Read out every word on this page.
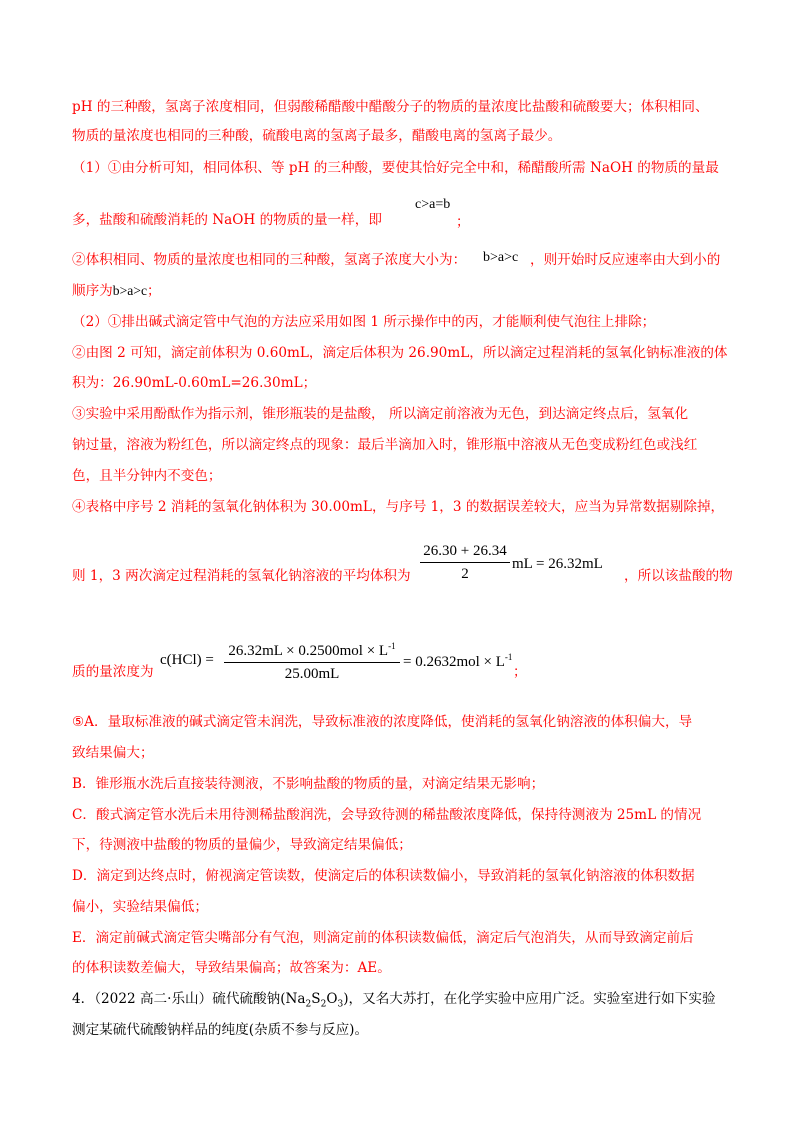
pH 的三种酸，氢离子浓度相同，但弱酸稀醋酸中醋酸分子的物质的量浓度比盐酸和硫酸要大；体积相同、
物质的量浓度也相同的三种酸，硫酸电离的氢离子最多，醋酸电离的氢离子最少。
（1）①由分析可知，相同体积、等 pH 的三种酸，要使其恰好完全中和，稀醋酸所需 NaOH 的物质的量最
多，盐酸和硫酸消耗的 NaOH 的物质的量一样，即
c>a=b
；
②体积相同、物质的量浓度也相同的三种酸，氢离子浓度大小为： b>a>c ，则开始时反应速率由大到小的
顺序为b>a>c；
（2）①排出碱式滴定管中气泡的方法应采用如图 1 所示操作中的丙，才能顺利使气泡往上排除；
②由图 2 可知，滴定前体积为 0.60mL，滴定后体积为 26.90mL，所以滴定过程消耗的氢氧化钠标准液的体
积为：26.90mL-0.60mL=26.30mL；
③实验中采用酚酞作为指示剂，锥形瓶装的是盐酸， 所以滴定前溶液为无色，到达滴定终点后，氢氧化
钠过量，溶液为粉红色，所以滴定终点的现象：最后半滴加入时，锥形瓶中溶液从无色变成粉红色或浅红
色，且半分钟内不变色；
④表格中序号 2 消耗的氢氧化钠体积为 30.00mL，与序号 1，3 的数据误差较大，应当为异常数据剔除掉，
则 1，3 两次滴定过程消耗的氢氧化钠溶液的平均体积为 $\frac{26.30 + 26.34}{2}$ mL = 26.32mL
，所以该盐酸的物
质的量浓度为
c(HCl) =
$26.32mL \times 0.2500mol \times L^{-1}$
25.00mL
= $0.2632mol \times L^{-1}$
；
⑤A．量取标准液的碱式滴定管未润洗，导致标准液的浓度降低，使消耗的氢氧化钠溶液的体积偏大，导
致结果偏大；
B．锥形瓶水洗后直接装待测液，不影响盐酸的物质的量，对滴定结果无影响；
C．酸式滴定管水洗后未用待测稀盐酸润洗，会导致待测的稀盐酸浓度降低，保持待测液为 25mL 的情况
下，待测液中盐酸的物质的量偏少，导致滴定结果偏低；
D．滴定到达终点时，俯视滴定管读数，使滴定后的体积读数偏小，导致消耗的氢氧化钠溶液的体积数据
偏小，实验结果偏低；
E．滴定前碱式滴定管尖嘴部分有气泡，则滴定前的体积读数偏低，滴定后气泡消失，从而导致滴定前后
的体积读数差偏大，导致结果偏高；故答案为：AE。
4．（2022 高二·乐山）硫代硫酸钠$(Na_2S_2O_3)$，又名大苏打，在化学实验中应用广泛。实验室进行如下实验
测定某硫代硫酸钠样品的纯度(杂质不参与反应)。
